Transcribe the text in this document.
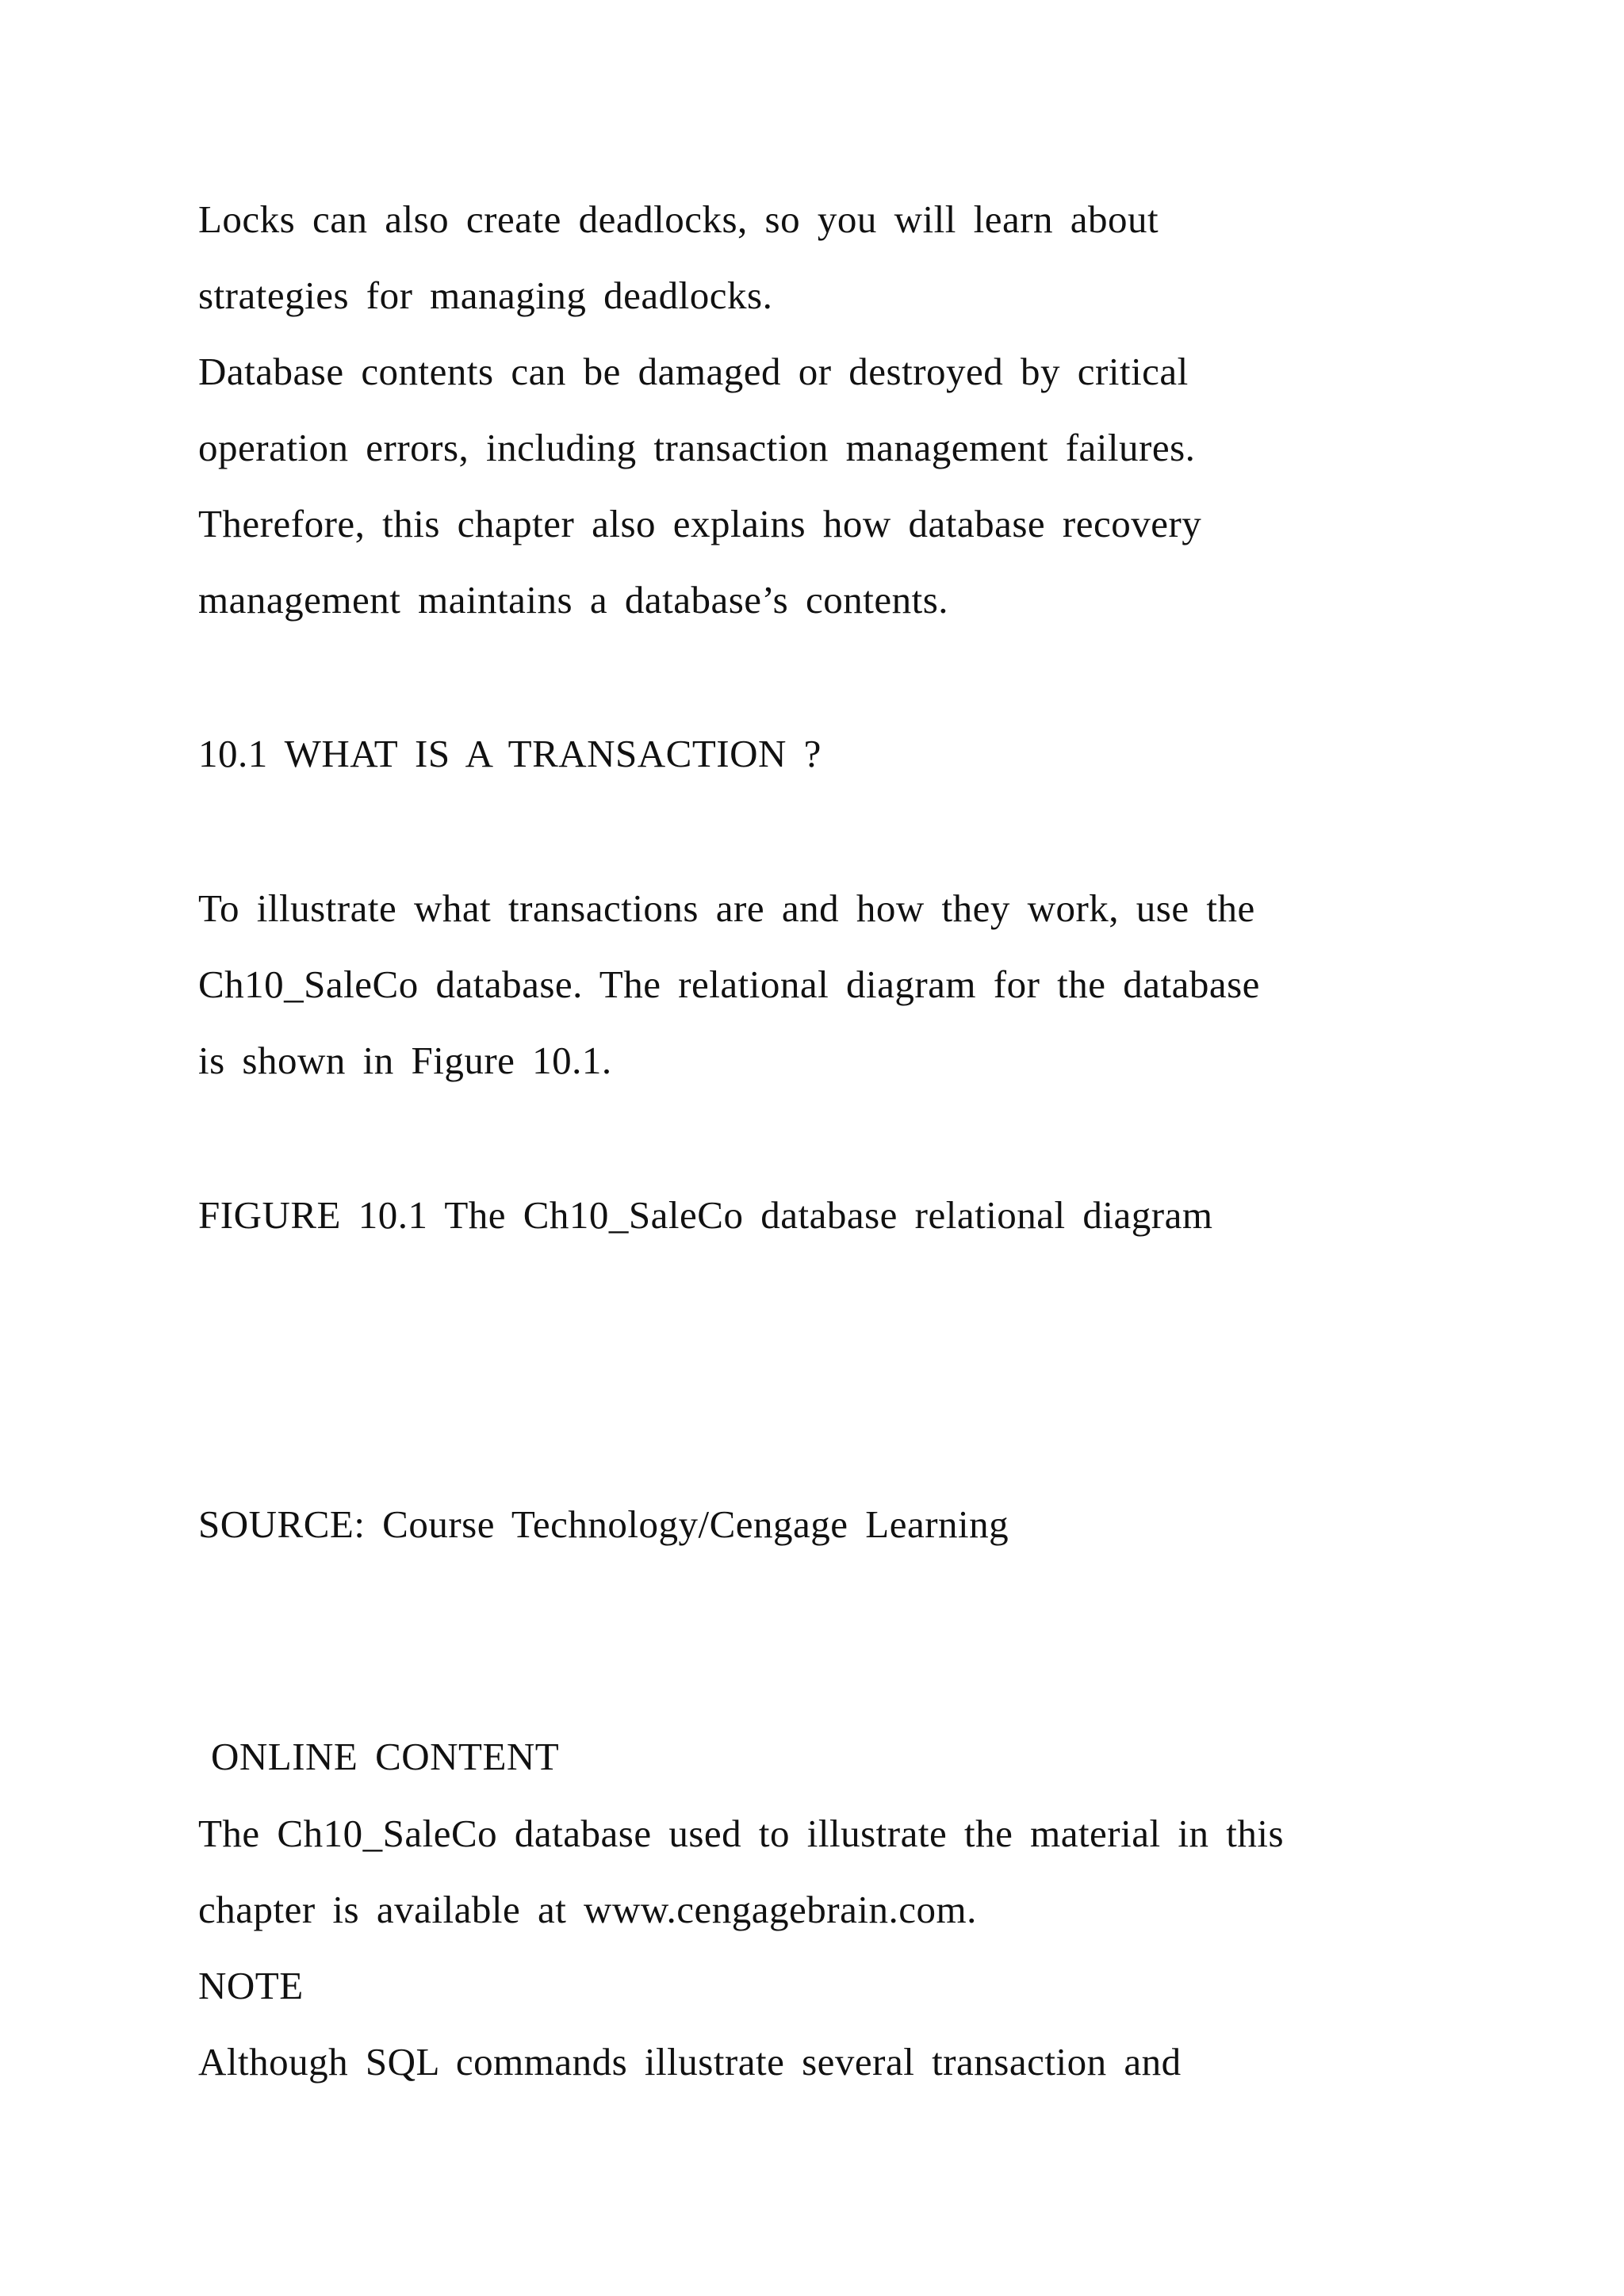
Locks can also create deadlocks, so you will learn about

strategies for managing deadlocks.

Database contents can be damaged or destroyed by critical

operation errors, including transaction management failures.

Therefore, this chapter also explains how database recovery

management maintains a database’s contents.

10.1 WHAT IS A TRANSACTION ?

To illustrate what transactions are and how they work, use the

Ch10_SaleCo database. The relational diagram for the database

is shown in Figure 10.1.

FIGURE 10.1 The Ch10_SaleCo database relational diagram

SOURCE: Course Technology/Cengage Learning

ONLINE CONTENT

The Ch10_SaleCo database used to illustrate the material in this

chapter is available at www.cengagebrain.com.

NOTE

Although SQL commands illustrate several transaction and
